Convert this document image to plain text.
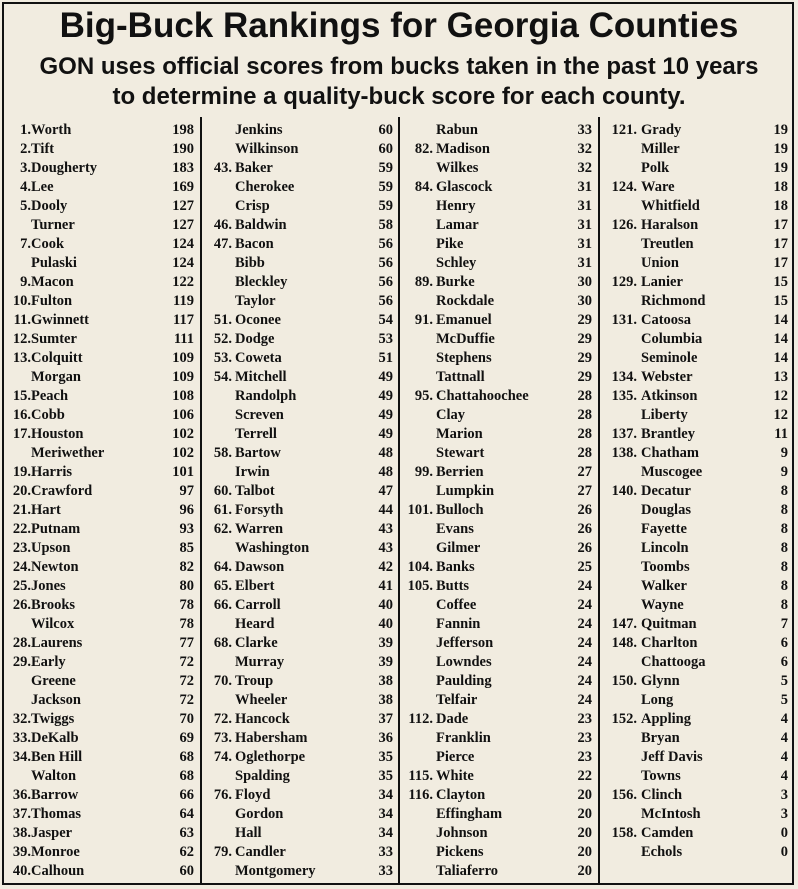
Big-Buck Rankings for Georgia Counties
GON uses official scores from bucks taken in the past 10 years
to determine a quality-buck score for each county.
1. Worth	198
2. Tift	190
3. Dougherty	183
4. Lee	169
5. Dooly	127
Turner	127
7. Cook	124
Pulaski	124
9. Macon	122
10. Fulton	119
11. Gwinnett	117
12. Sumter	111
13. Colquitt	109
Morgan	109
15. Peach	108
16. Cobb	106
17. Houston	102
Meriwether	102
19. Harris	101
20. Crawford	97
21. Hart	96
22. Putnam	93
23. Upson	85
24. Newton	82
25. Jones	80
26. Brooks	78
Wilcox	78
28. Laurens	77
29. Early	72
Greene	72
Jackson	72
32. Twiggs	70
33. DeKalb	69
34. Ben Hill	68
Walton	68
36. Barrow	66
37. Thomas	64
38. Jasper	63
39. Monroe	62
40. Calhoun	60
Jenkins	60
Wilkinson	60
43. Baker	59
Cherokee	59
Crisp	59
46. Baldwin	58
47. Bacon	56
Bibb	56
Bleckley	56
Taylor	56
51. Oconee	54
52. Dodge	53
53. Coweta	51
54. Mitchell	49
Randolph	49
Screven	49
Terrell	49
58. Bartow	48
Irwin	48
60. Talbot	47
61. Forsyth	44
62. Warren	43
Washington	43
64. Dawson	42
65. Elbert	41
66. Carroll	40
Heard	40
68. Clarke	39
Murray	39
70. Troup	38
Wheeler	38
72. Hancock	37
73. Habersham	36
74. Oglethorpe	35
Spalding	35
76. Floyd	34
Gordon	34
Hall	34
79. Candler	33
Montgomery	33
Rabun	33
82. Madison	32
Wilkes	32
84. Glascock	31
Henry	31
Lamar	31
Pike	31
Schley	31
89. Burke	30
Rockdale	30
91. Emanuel	29
McDuffie	29
Stephens	29
Tattnall	29
95. Chattahoochee	28
Clay	28
Marion	28
Stewart	28
99. Berrien	27
Lumpkin	27
101. Bulloch	26
Evans	26
Gilmer	26
104. Banks	25
105. Butts	24
Coffee	24
Fannin	24
Jefferson	24
Lowndes	24
Paulding	24
Telfair	24
112. Dade	23
Franklin	23
Pierce	23
115. White	22
116. Clayton	20
Effingham	20
Johnson	20
Pickens	20
Taliaferro	20
121. Grady	19
Miller	19
Polk	19
124. Ware	18
Whitfield	18
126. Haralson	17
Treutlen	17
Union	17
129. Lanier	15
Richmond	15
131. Catoosa	14
Columbia	14
Seminole	14
134. Webster	13
135. Atkinson	12
Liberty	12
137. Brantley	11
138. Chatham	9
Muscogee	9
140. Decatur	8
Douglas	8
Fayette	8
Lincoln	8
Toombs	8
Walker	8
Wayne	8
147. Quitman	7
148. Charlton	6
Chattooga	6
150. Glynn	5
Long	5
152. Appling	4
Bryan	4
Jeff Davis	4
Towns	4
156. Clinch	3
McIntosh	3
158. Camden	0
Echols	0
